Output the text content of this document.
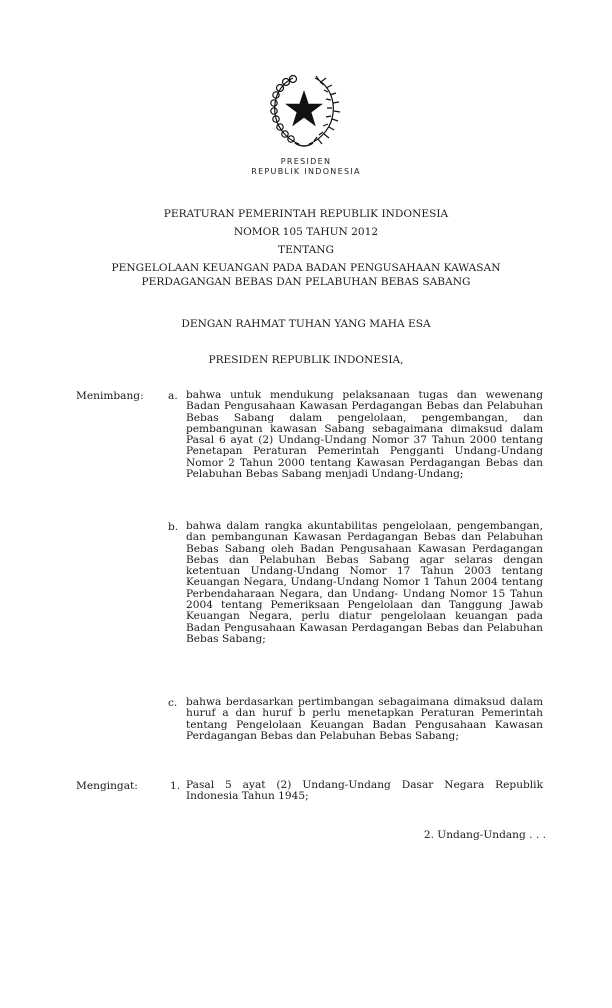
PRESIDEN
REPUBLIK INDONESIA
PERATURAN PEMERINTAH REPUBLIK INDONESIA
NOMOR 105 TAHUN 2012
TENTANG
PENGELOLAAN KEUANGAN PADA BADAN PENGUSAHAAN KAWASAN
PERDAGANGAN BEBAS DAN PELABUHAN BEBAS SABANG
DENGAN RAHMAT TUHAN YANG MAHA ESA
PRESIDEN REPUBLIK INDONESIA,
Menimbang: a. bahwa untuk mendukung pelaksanaan tugas dan wewenang Badan Pengusahaan Kawasan Perdagangan Bebas dan Pelabuhan Bebas Sabang dalam pengelolaan, pengembangan, dan pembangunan kawasan Sabang sebagaimana dimaksud dalam Pasal 6 ayat (2) Undang-Undang Nomor 37 Tahun 2000 tentang Penetapan Peraturan Pemerintah Pengganti Undang-Undang Nomor 2 Tahun 2000 tentang Kawasan Perdagangan Bebas dan Pelabuhan Bebas Sabang menjadi Undang-Undang;
b. bahwa dalam rangka akuntabilitas pengelolaan, pengembangan, dan pembangunan Kawasan Perdagangan Bebas dan Pelabuhan Bebas Sabang oleh Badan Pengusahaan Kawasan Perdagangan Bebas dan Pelabuhan Bebas Sabang agar selaras dengan ketentuan Undang-Undang Nomor 17 Tahun 2003 tentang Keuangan Negara, Undang-Undang Nomor 1 Tahun 2004 tentang Perbendaharaan Negara, dan Undang- Undang Nomor 15 Tahun 2004 tentang Pemeriksaan Pengelolaan dan Tanggung Jawab Keuangan Negara, perlu diatur pengelolaan keuangan pada Badan Pengusahaan Kawasan Perdagangan Bebas dan Pelabuhan Bebas Sabang;
c. bahwa berdasarkan pertimbangan sebagaimana dimaksud dalam huruf a dan huruf b perlu menetapkan Peraturan Pemerintah tentang Pengelolaan Keuangan Badan Pengusahaan Kawasan Perdagangan Bebas dan Pelabuhan Bebas Sabang;
Mengingat:	1. Pasal 5 ayat (2) Undang-Undang Dasar Negara Republik Indonesia Tahun 1945;
2. Undang-Undang . . .
